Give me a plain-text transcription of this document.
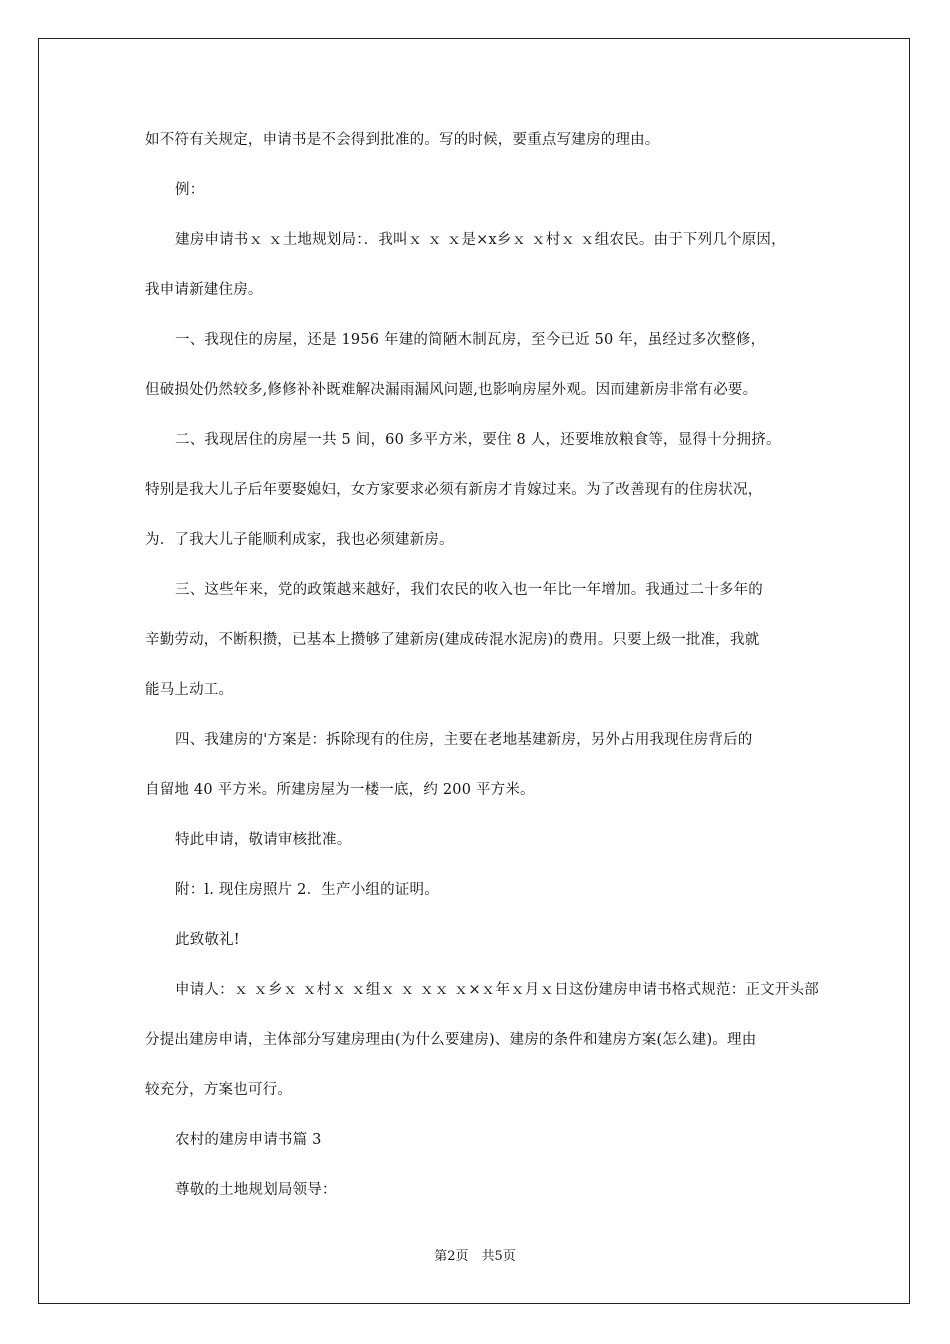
如不符有关规定，申请书是不会得到批准的。写的时候，要重点写建房的理由。
例：
建房申请书ｘ ｘ土地规划局：．我叫ｘ ｘ ｘ是×x乡ｘ ｘ村ｘ ｘ组农民。由于下列几个原因，
我申请新建住房。
一、我现住的房屋，还是 1956 年建的简陋木制瓦房，至今已近 50 年，虽经过多次整修，
但破损处仍然较多,修修补补既难解决漏雨漏风问题,也影响房屋外观。因而建新房非常有必要。
二、我现居住的房屋一共 5 间，60 多平方米，要住 8 人，还要堆放粮食等，显得十分拥挤。
特别是我大儿子后年要娶媳妇，女方家要求必须有新房才肯嫁过来。为了改善现有的住房状况，
为．了我大儿子能顺利成家，我也必须建新房。
三、这些年来，党的政策越来越好，我们农民的收入也一年比一年增加。我通过二十多年的
辛勤劳动，不断积攒，已基本上攒够了建新房(建成砖混水泥房)的费用。只要上级一批准，我就
能马上动工。
四、我建房的'方案是：拆除现有的住房，主要在老地基建新房，另外占用我现住房背后的
自留地 40 平方米。所建房屋为一楼一底，约 200 平方米。
特此申请，敬请审核批准。
附：l. 现住房照片 2．生产小组的证明。
此致敬礼!
申请人：ｘ ｘ乡ｘ ｘ村ｘ ｘ组ｘ ｘ ｘｘ ｘ×ｘ年ｘ月ｘ日这份建房申请书格式规范：正文开头部
分提出建房申请，主体部分写建房理由(为什么要建房)、建房的条件和建房方案(怎么建)。理由
较充分，方案也可行。
农村的建房申请书篇 3
尊敬的土地规划局领导：
第2页　共5页
